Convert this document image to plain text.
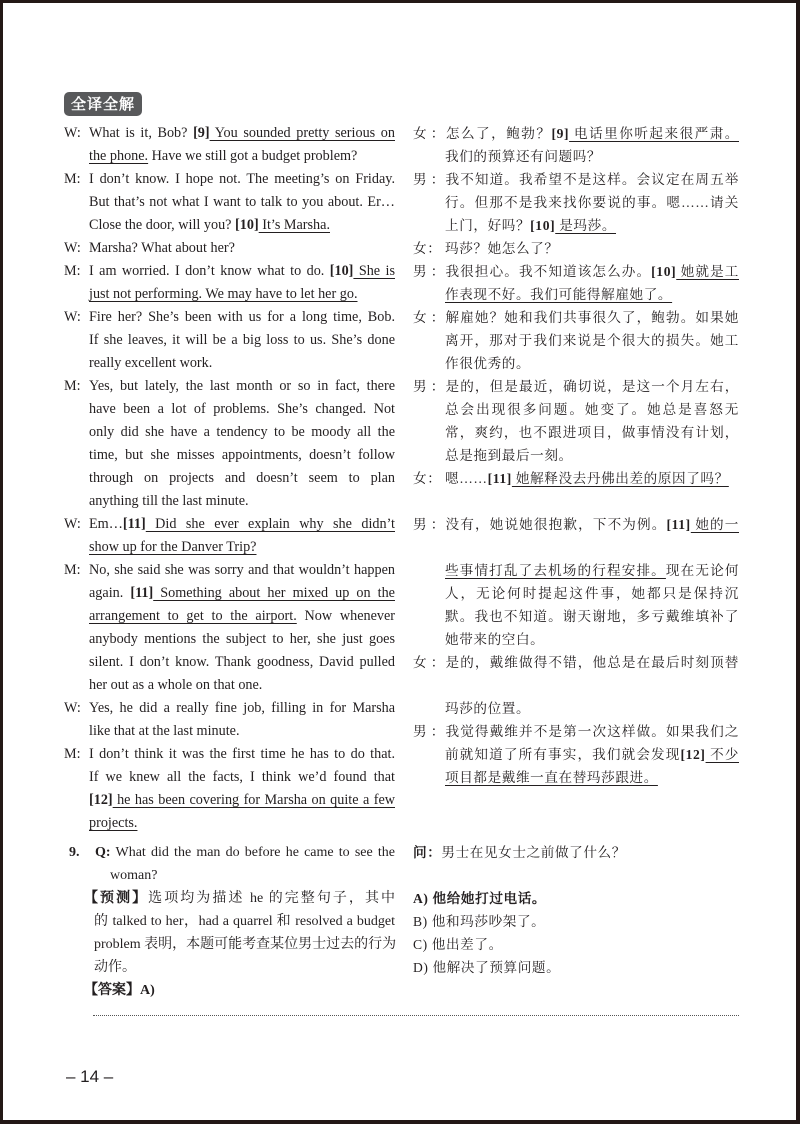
全译全解
W: What is it, Bob? [9] You sounded pretty serious on
the phone. Have we still got a budget problem?
M: I don’t know. I hope not. The meeting’s on Friday.
But that’s not what I want to talk to you about. Er…
Close the door, will you? [10] It’s Marsha.
W: Marsha? What about her?
M: I am worried. I don’t know what to do. [10] She is
just not performing. We may have to let her go.
W: Fire her? She’s been with us for a long time, Bob.
If she leaves, it will be a big loss to us. She’s done
really excellent work.
M: Yes, but lately, the last month or so in fact, there
have been a lot of problems. She’s changed. Not
only did she have a tendency to be moody all the
time, but she misses appointments, doesn’t follow
through on projects and doesn’t seem to plan
anything till the last minute.
W: Em…[11] Did she ever explain why she didn’t
show up for the Danver Trip?
M: No, she said she was sorry and that wouldn’t happen
again. [11] Something about her mixed up on the
arrangement to get to the airport. Now whenever
anybody mentions the subject to her, she just goes
silent. I don’t know. Thank goodness, David pulled
her out as a whole on that one.
W: Yes, he did a really fine job, filling in for Marsha
like that at the last minute.
M: I don’t think it was the first time he has to do that.
If we knew all the facts, I think we’d found that
[12] he has been covering for Marsha on quite a few
projects.
女：怎么了，鲍勃？[9] 电话里你听起来很严肃。
我们的预算还有问题吗？
男：我不知道。我希望不是这样。会议定在周五举
行。但那不是我来找你要说的事。嗯……请关
上门，好吗？[10] 是玛莎。
女： 玛莎？她怎么了？
男：我很担心。我不知道该怎么办。[10] 她就是工
作表现不好。我们可能得解雇她了。
女：解雇她？她和我们共事很久了，鲍勃。如果她
离开，那对于我们来说是个很大的损失。她工
作很优秀的。
男：是的，但是最近，确切说，是这一个月左右，
总会出现很多问题。她变了。她总是喜怒无
常，爽约，也不跟进项目，做事情没有计划，
总是拖到最后一刻。
女： 嗯……[11] 她解释没去丹佛出差的原因了吗？
男：没有，她说她很抱歉，下不为例。[11] 她的一
些事情打乱了去机场的行程安排。现在无论何
人，无论何时提起这件事，她都只是保持沉
默。我也不知道。谢天谢地，多亏戴维填补了
她带来的空白。
女：是的，戴维做得不错，他总是在最后时刻顶替
玛莎的位置。
男：我觉得戴维并不是第一次这样做。如果我们之
前就知道了所有事实，我们就会发现[12] 不少
项目都是戴维一直在替玛莎跟进。
9. Q: What did the man do before he came to see the
woman?
【预测】选项均为描述 he 的完整句子，其中
的 talked to her，had a quarrel 和 resolved a budget
problem 表明，本题可能考查某位男士过去的行为
动作。
【答案】A)
问：男士在见女士之前做了什么？
A) 他给她打过电话。
B) 他和玛莎吵架了。
C) 他出差了。
D) 他解决了预算问题。
– 14 –
